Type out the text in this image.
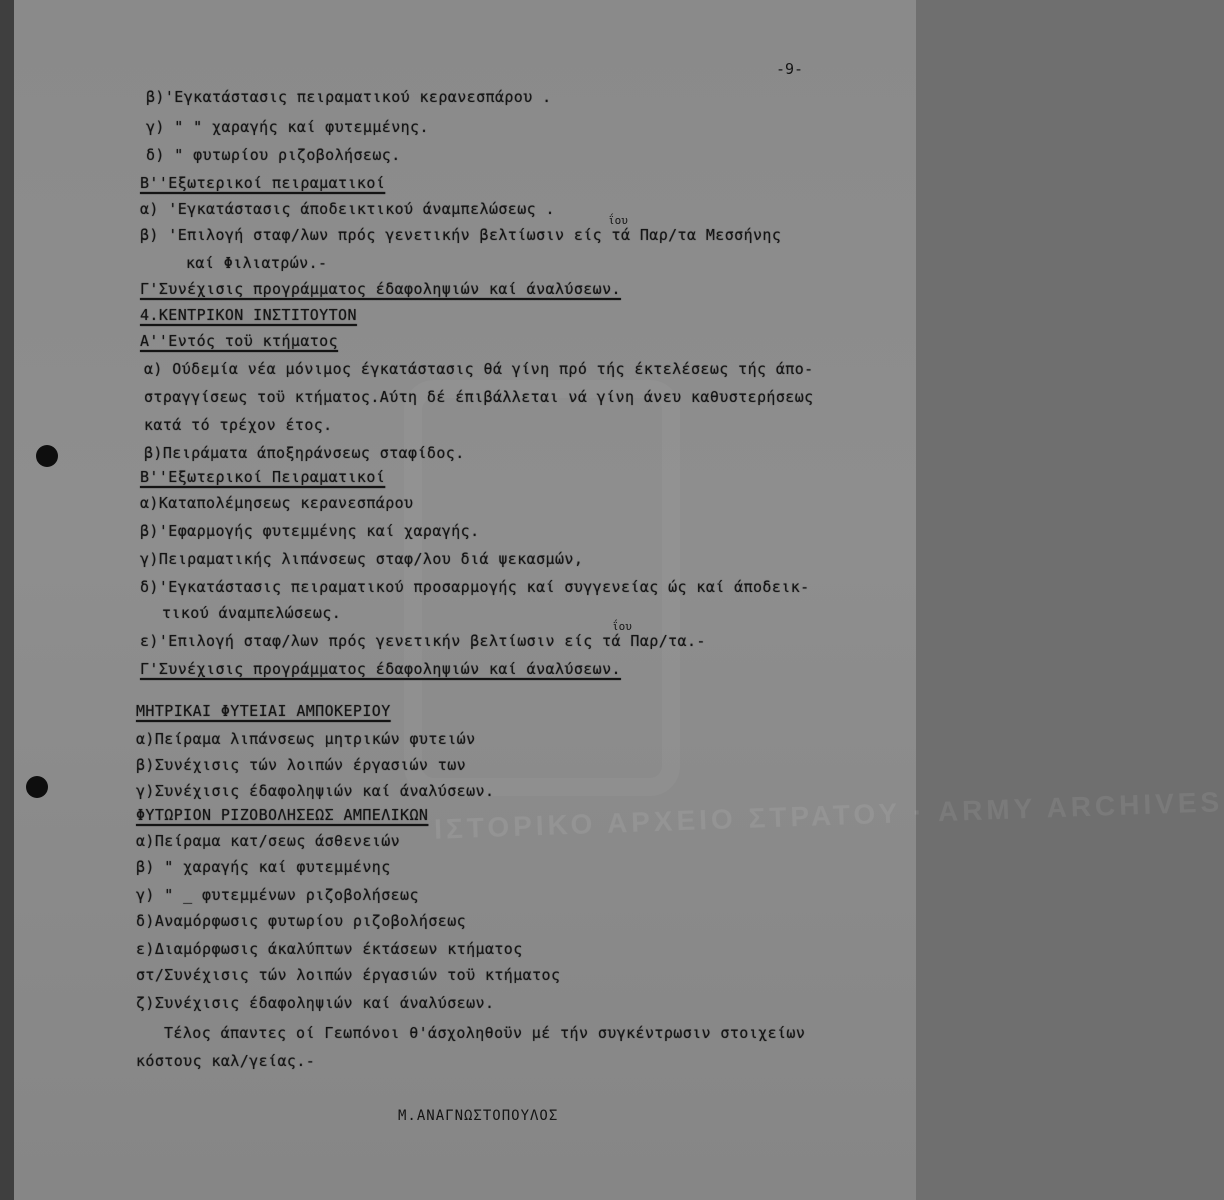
ΙΣΤΟΡΙΚΟ ΑΡΧΕΙΟ ΣΤΡΑΤΟΥ · ARMY ARCHIVES
-9-
β)'Εγκατάστασις πειραματικού κερανεσπάρου .
γ) " " χαραγής καί φυτεμμένης.
δ) " φυτωρίου ριζοβολήσεως.
Β''Εξωτερικοί πειραματικοί
α) 'Εγκατάστασις άποδεικτικού άναμπελώσεως .
β) 'Επιλογή σταφ/λων πρός γενετικήν βελτίωσιν είς τά Παρ/τα Μεσσήνης
ΐου
καί Φιλιατρών.-
Γ'Συνέχισις προγράμματος έδαφοληψιών καί άναλύσεων.
4.ΚΕΝΤΡΙΚΟΝ ΙΝΣΤΙΤΟΥΤΟΝ
Α''Εντός τοϋ κτήματος
α) Ούδεμία νέα μόνιμος έγκατάστασις θά γίνη πρό τής έκτελέσεως τής άπο-
στραγγίσεως τοϋ κτήματος.Αύτη δέ έπιβάλλεται νά γίνη άνευ καθυστερήσεως
κατά τό τρέχον έτος.
β)Πειράματα άποξηράνσεως σταφίδος.
Β''Εξωτερικοί Πειραματικοί
α)Καταπολέμησεως κερανεσπάρου
β)'Εφαρμογής φυτεμμένης καί χαραγής.
γ)Πειραματικής λιπάνσεως σταφ/λου διά ψεκασμών,
δ)'Εγκατάστασις πειραματικού προσαρμογής καί συγγενείας ώς καί άποδεικ-
τικού άναμπελώσεως.
ε)'Επιλογή σταφ/λων πρός γενετικήν βελτίωσιν είς τά Παρ/τα.-
ΐου
Γ'Συνέχισις προγράμματος έδαφοληψιών καί άναλύσεων.
ΜΗΤΡΙΚΑΙ ΦΥΤΕΙΑΙ ΑΜΠΟΚΕΡΙΟΥ
α)Πείραμα λιπάνσεως μητρικών φυτειών
β)Συνέχισις τών λοιπών έργασιών των
γ)Συνέχισις έδαφοληψιών καί άναλύσεων.
ΦΥΤΩΡΙΟΝ ΡΙΖΟΒΟΛΗΣΕΩΣ ΑΜΠΕΛΙΚΩΝ
α)Πείραμα κατ/σεως άσθενειών
β) " χαραγής καί φυτεμμένης
γ) " _ φυτεμμένων ριζοβολήσεως
δ)Αναμόρφωσις φυτωρίου ριζοβολήσεως
ε)Διαμόρφωσις άκαλύπτων έκτάσεων κτήματος
στ/Συνέχισις τών λοιπών έργασιών τοϋ κτήματος
ζ)Συνέχισις έδαφοληψιών καί άναλύσεων.
Τέλος άπαντες οί Γεωπόνοι θ'άσχοληθοϋν μέ τήν συγκέντρωσιν στοιχείων
κόστους καλ/γείας.-
Μ.ΑΝΑΓΝΩΣΤΟΠΟΥΛΟΣ
